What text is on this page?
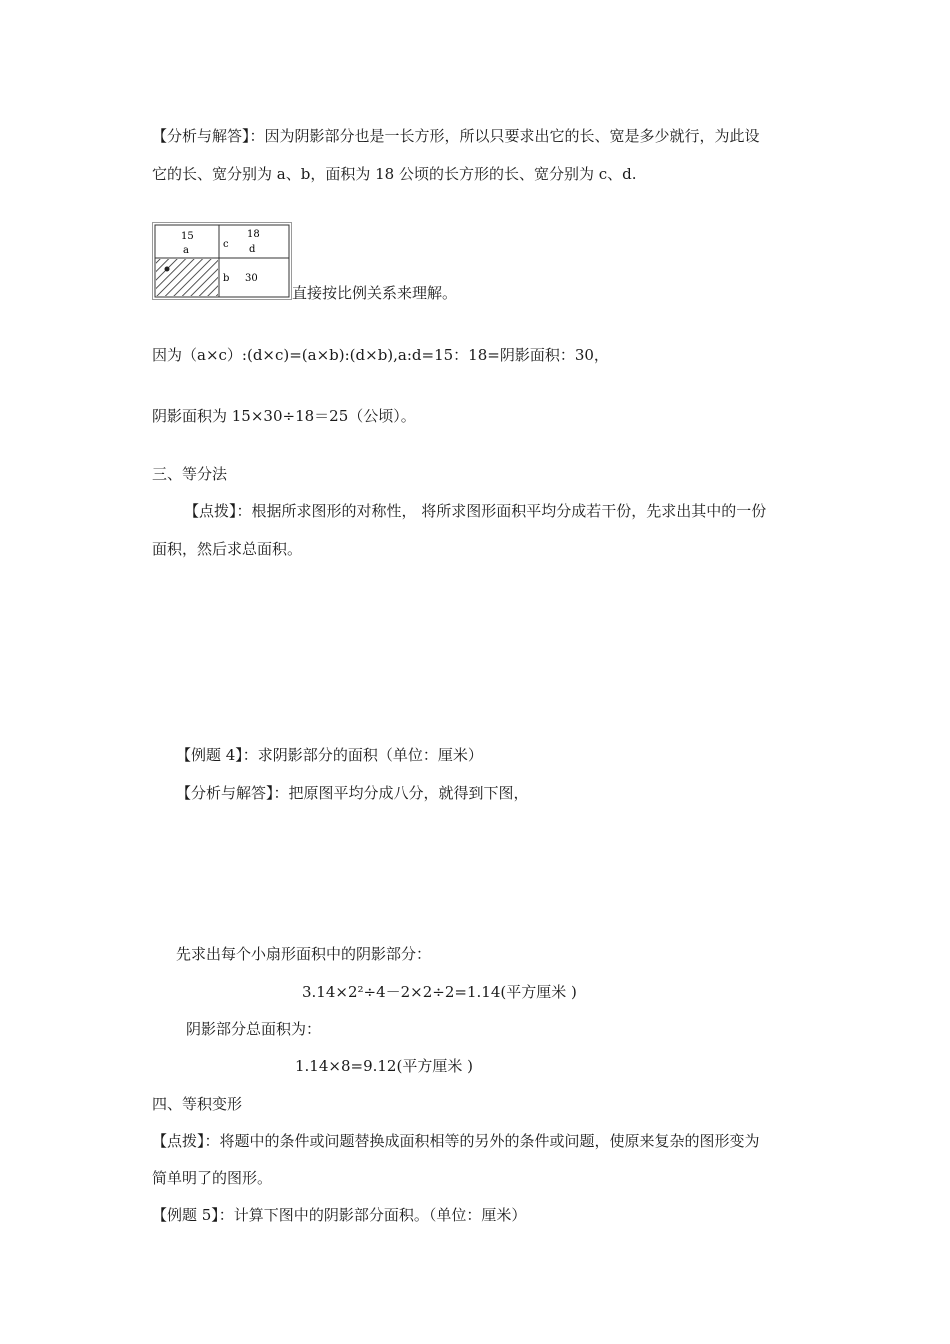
【分析与解答】：因为阴影部分也是一长方形，所以只要求出它的长、宽是多少就行，为此设
它的长、宽分别为 a、b，面积为 18 公顷的长方形的长、宽分别为 c、d.
15
a
c
18
d
b 30
直接按比例关系来理解。
因为（a×c）:(d×c)=(a×b):(d×b),a:d=15：18=阴影面积：30，
阴影面积为 15×30÷18＝25（公顷）。
三、等分法
【点拨】：根据所求图形的对称性， 将所求图形面积平均分成若干份，先求出其中的一份
面积，然后求总面积。
【例题 4】：求阴影部分的面积（单位：厘米）
【分析与解答】：把原图平均分成八分，就得到下图，
先求出每个小扇形面积中的阴影部分：
3.14×2²÷4－2×2÷2=1.14(平方厘米 )
阴影部分总面积为：
1.14×8=9.12(平方厘米 )
四、等积变形
【点拨】：将题中的条件或问题替换成面积相等的另外的条件或问题，使原来复杂的图形变为
简单明了的图形。
【例题 5】：计算下图中的阴影部分面积。（单位：厘米）
